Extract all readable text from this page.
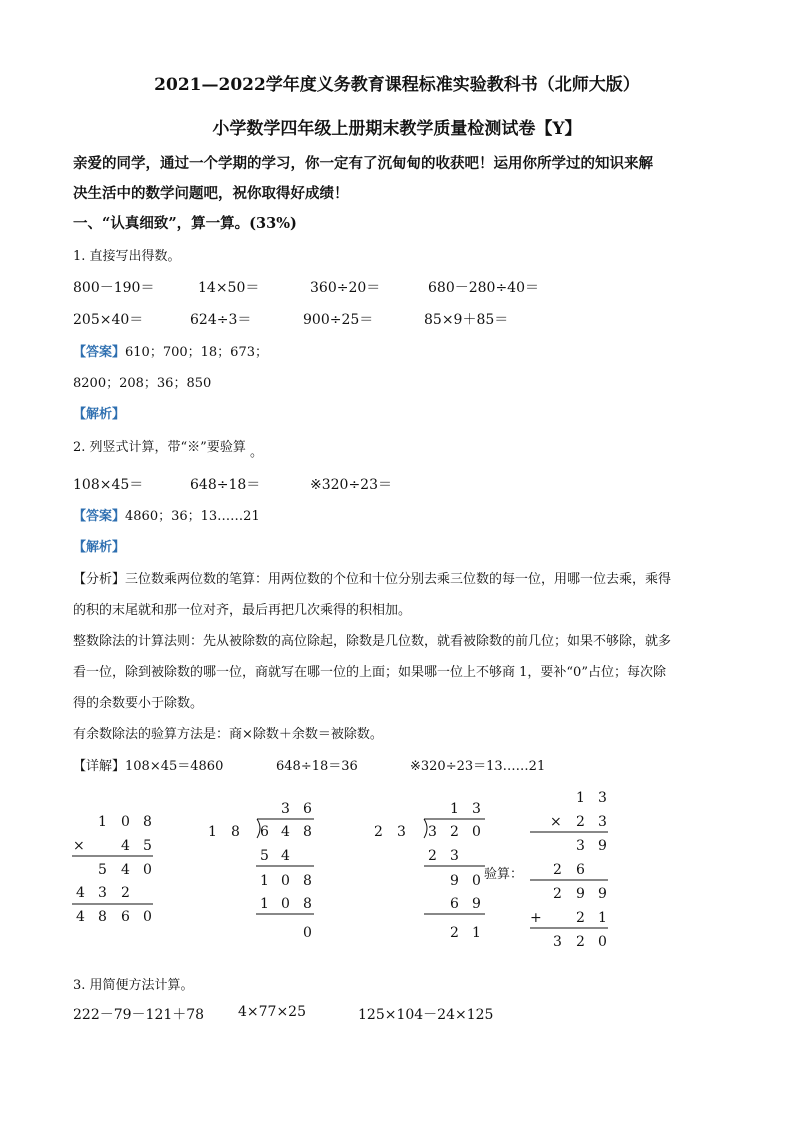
2021—2022学年度义务教育课程标准实验教科书（北师大版）
小学数学四年级上册期末教学质量检测试卷【Y】
亲爱的同学，通过一个学期的学习，你一定有了沉甸甸的收获吧！运用你所学过的知识来解
决生活中的数学问题吧，祝你取得好成绩！
一、“认真细致”，算一算。(33%)
1. 直接写出得数。
800－190＝	14×50＝	360÷20＝	680－280÷40＝
205×40＝	624÷3＝	900÷25＝	85×9＋85＝
【答案】610；700；18；673；
8200；208；36；850
【解析】
2. 列竖式计算，带“※”要验算 。
108×45＝	648÷18＝	※320÷23＝
【答案】4860；36；13……21
【解析】
【分析】三位数乘两位数的笔算：用两位数的个位和十位分别去乘三位数的每一位，用哪一位去乘，乘得
的积的末尾就和那一位对齐，最后再把几次乘得的积相加。
整数除法的计算法则：先从被除数的高位除起，除数是几位数，就看被除数的前几位；如果不够除，就多
看一位，除到被除数的哪一位，商就写在哪一位的上面；如果哪一位上不够商 1，要补“0”占位；每次除
得的余数要小于除数。
有余数除法的验算方法是：商×除数＋余数＝被除数。
【详解】108×45＝4860	648÷18＝36	※320÷23＝13……21
1 0 8
×	4 5
5 4 0
4 3 2
4 8 6 0
3 6
1 8 6 4 8
5 4
1 0 8
1 0 8
0
1 3
2 3 3 2 0
2 3
9 0
6 9
2 1
验算：
1 3
× 2 3
3 9
2 6
2 9 9
+ 2 1
3 2 0
3. 用简便方法计算。
222－79－121＋78 4×77×25	125×104－24×125
